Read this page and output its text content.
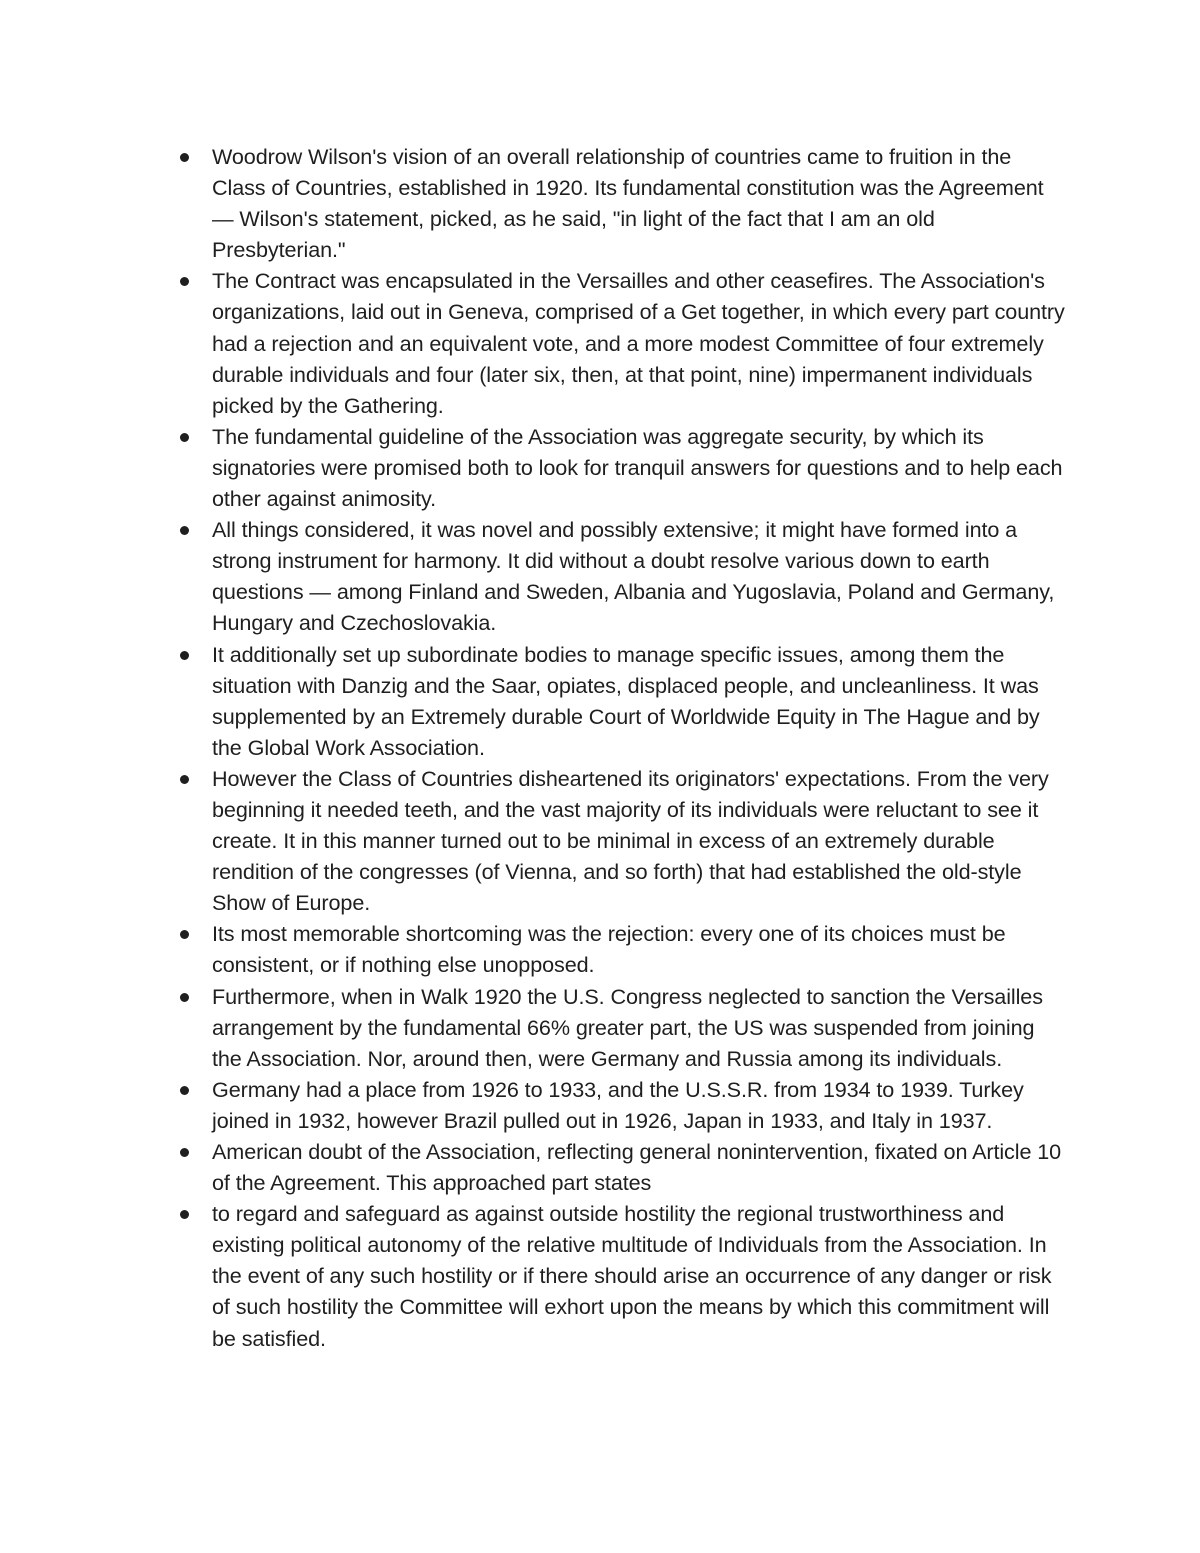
Woodrow Wilson's vision of an overall relationship of countries came to fruition in the Class of Countries, established in 1920. Its fundamental constitution was the Agreement — Wilson's statement, picked, as he said, "in light of the fact that I am an old Presbyterian."
The Contract was encapsulated in the Versailles and other ceasefires. The Association's organizations, laid out in Geneva, comprised of a Get together, in which every part country had a rejection and an equivalent vote, and a more modest Committee of four extremely durable individuals and four (later six, then, at that point, nine) impermanent individuals picked by the Gathering.
The fundamental guideline of the Association was aggregate security, by which its signatories were promised both to look for tranquil answers for questions and to help each other against animosity.
All things considered, it was novel and possibly extensive; it might have formed into a strong instrument for harmony. It did without a doubt resolve various down to earth questions — among Finland and Sweden, Albania and Yugoslavia, Poland and Germany, Hungary and Czechoslovakia.
It additionally set up subordinate bodies to manage specific issues, among them the situation with Danzig and the Saar, opiates, displaced people, and uncleanliness. It was supplemented by an Extremely durable Court of Worldwide Equity in The Hague and by the Global Work Association.
However the Class of Countries disheartened its originators' expectations. From the very beginning it needed teeth, and the vast majority of its individuals were reluctant to see it create. It in this manner turned out to be minimal in excess of an extremely durable rendition of the congresses (of Vienna, and so forth) that had established the old-style Show of Europe.
Its most memorable shortcoming was the rejection: every one of its choices must be consistent, or if nothing else unopposed.
Furthermore, when in Walk 1920 the U.S. Congress neglected to sanction the Versailles arrangement by the fundamental 66% greater part, the US was suspended from joining the Association. Nor, around then, were Germany and Russia among its individuals.
Germany had a place from 1926 to 1933, and the U.S.S.R. from 1934 to 1939. Turkey joined in 1932, however Brazil pulled out in 1926, Japan in 1933, and Italy in 1937.
American doubt of the Association, reflecting general nonintervention, fixated on Article 10 of the Agreement. This approached part states
to regard and safeguard as against outside hostility the regional trustworthiness and existing political autonomy of the relative multitude of Individuals from the Association. In the event of any such hostility or if there should arise an occurrence of any danger or risk of such hostility the Committee will exhort upon the means by which this commitment will be satisfied.
